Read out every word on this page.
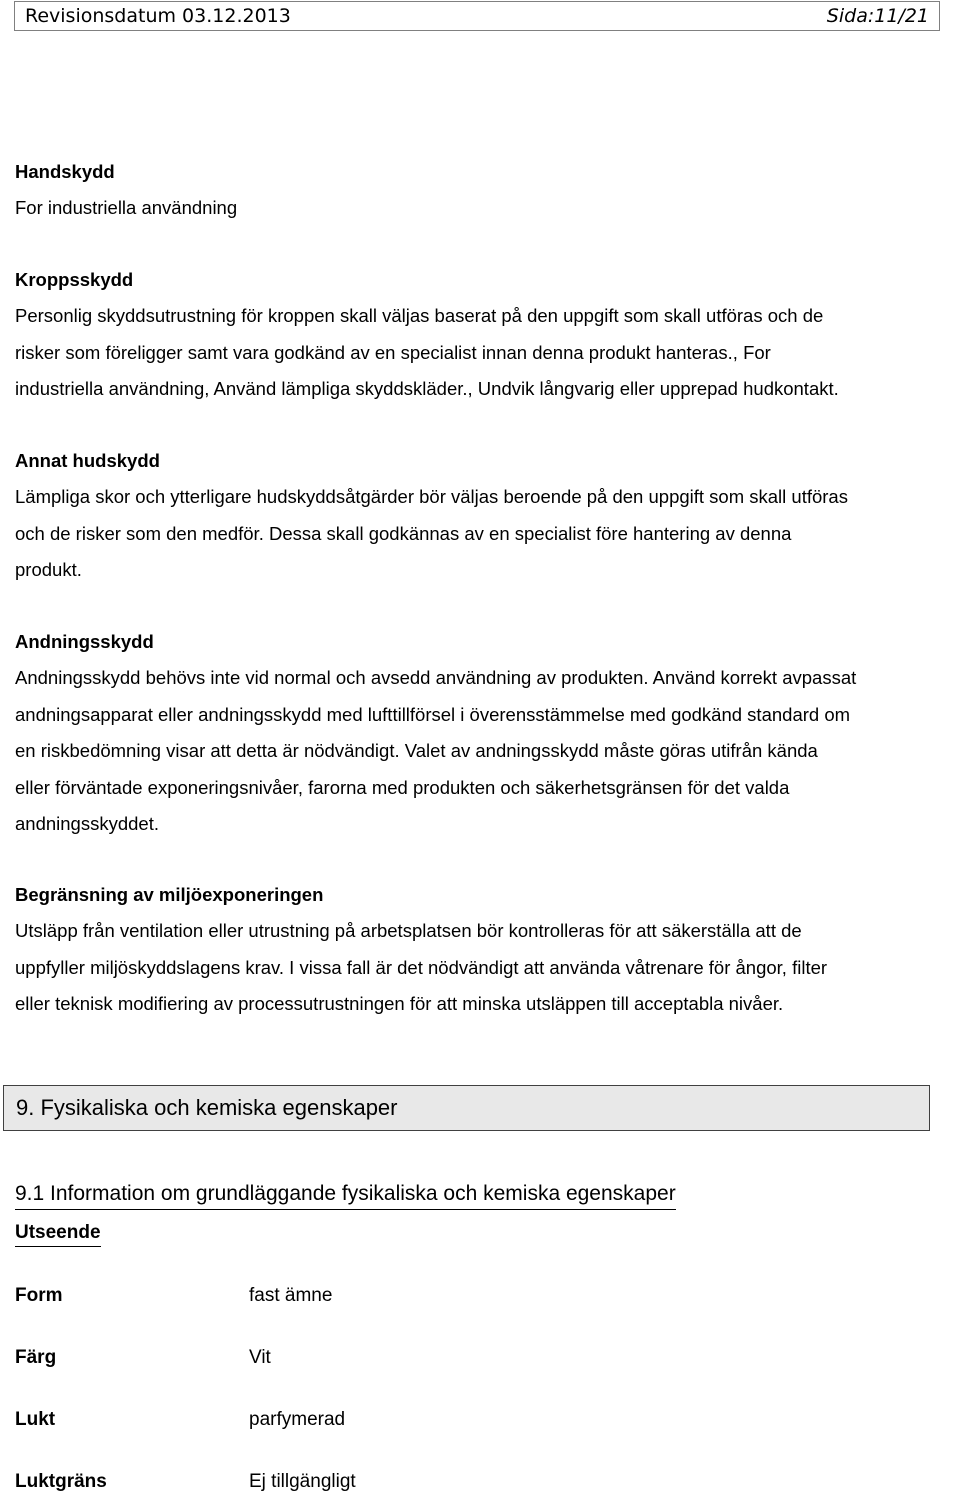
Revisionsdatum 03.12.2013	Sida:11/21
Handskydd
For industriella användning
Kroppsskydd
Personlig skyddsutrustning för kroppen skall väljas baserat på den uppgift som skall utföras och de
risker som föreligger samt vara godkänd av en specialist innan denna produkt hanteras., For
industriella användning, Använd lämpliga skyddskläder., Undvik långvarig eller upprepad hudkontakt.
Annat hudskydd
Lämpliga skor och ytterligare hudskyddsåtgärder bör väljas beroende på den uppgift som skall utföras
och de risker som den medför. Dessa skall godkännas av en specialist före hantering av denna
produkt.
Andningsskydd
Andningsskydd behövs inte vid normal och avsedd användning av produkten. Använd korrekt avpassat
andningsapparat eller andningsskydd med lufttillförsel i överensstämmelse med godkänd standard om
en riskbedömning visar att detta är nödvändigt. Valet av andningsskydd måste göras utifrån kända
eller förväntade exponeringsnivåer, farorna med produkten och säkerhetsgränsen för det valda
andningsskyddet.
Begränsning av miljöexponeringen
Utsläpp från ventilation eller utrustning på arbetsplatsen bör kontrolleras för att säkerställa att de
uppfyller miljöskyddslagens krav. I vissa fall är det nödvändigt att använda våtrenare för ångor, filter
eller teknisk modifiering av processutrustningen för att minska utsläppen till acceptabla nivåer.
9. Fysikaliska och kemiska egenskaper
9.1 Information om grundläggande fysikaliska och kemiska egenskaper
Utseende
Form	fast ämne
Färg	Vit
Lukt	parfymerad
Luktgräns	Ej tillgängligt
